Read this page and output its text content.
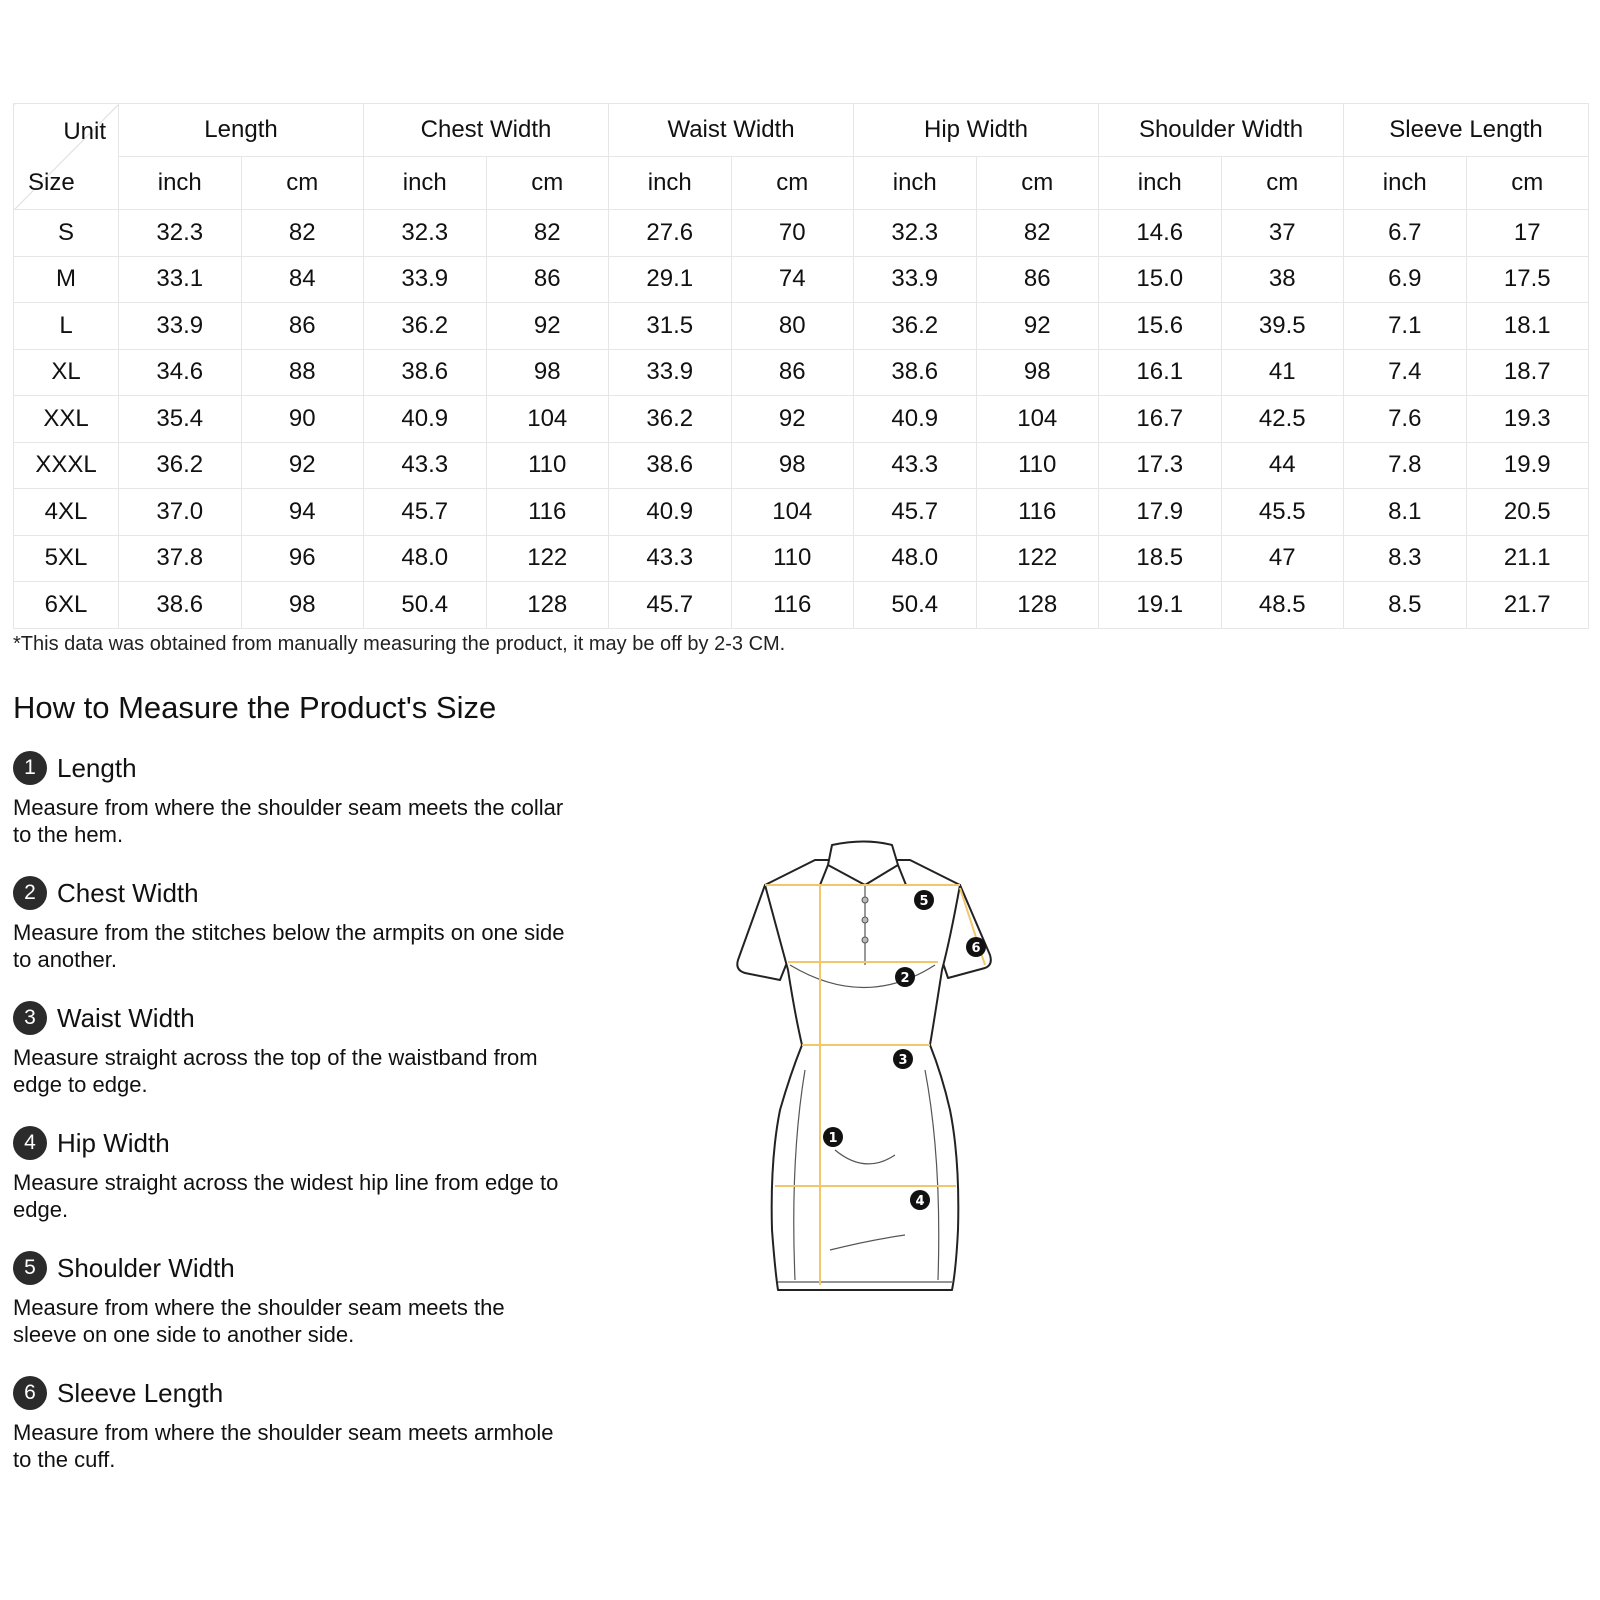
Unit
Size	Length		Chest Width		Waist Width		Hip Width		Shoulder Width		Sleeve Length	
	inch	cm	inch	cm	inch	cm	inch	cm	inch	cm	inch	cm
S	32.3	82	32.3	82	27.6	70	32.3	82	14.6	37	6.7	17
M	33.1	84	33.9	86	29.1	74	33.9	86	15.0	38	6.9	17.5
L	33.9	86	36.2	92	31.5	80	36.2	92	15.6	39.5	7.1	18.1
XL	34.6	88	38.6	98	33.9	86	38.6	98	16.1	41	7.4	18.7
XXL	35.4	90	40.9	104	36.2	92	40.9	104	16.7	42.5	7.6	19.3
XXXL	36.2	92	43.3	110	38.6	98	43.3	110	17.3	44	7.8	19.9
4XL	37.0	94	45.7	116	40.9	104	45.7	116	17.9	45.5	8.1	20.5
5XL	37.8	96	48.0	122	43.3	110	48.0	122	18.5	47	8.3	21.1
6XL	38.6	98	50.4	128	45.7	116	50.4	128	19.1	48.5	8.5	21.7
*This data was obtained from manually measuring the product, it may be off by 2-3 CM.
How to Measure the Product's Size
1 Length
Measure from where the shoulder seam meets the collar to the hem.
2 Chest Width
Measure from the stitches below the armpits on one side to another.
3 Waist Width
Measure straight across the top of the waistband from edge to edge.
4 Hip Width
Measure straight across the widest hip line from edge to edge.
5 Shoulder Width
Measure from where the shoulder seam meets the sleeve on one side to another side.
6 Sleeve Length
Measure from where the shoulder seam meets armhole to the cuff.
1
2
3
4
5
6
